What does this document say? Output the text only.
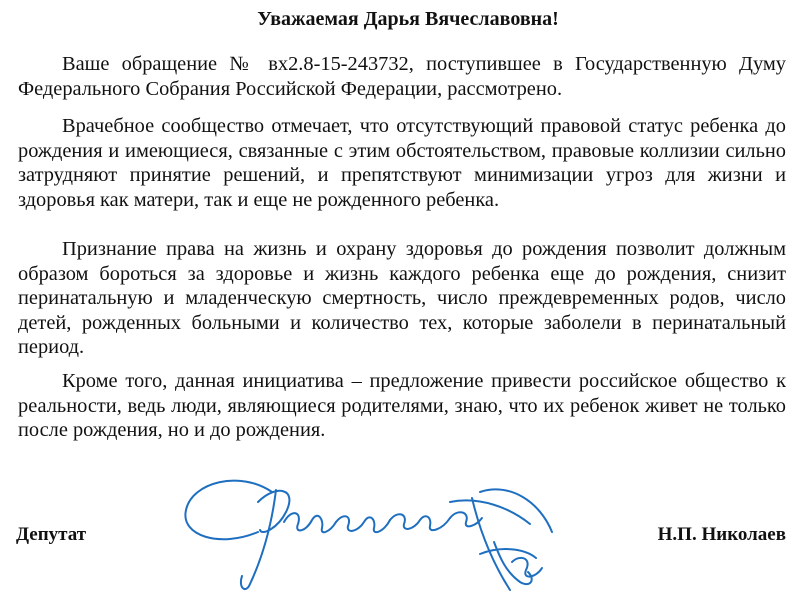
Уважаемая Дарья Вячеславовна!
Ваше обращение № вх2.8-15-243732, поступившее в Государственную Думу Федерального Собрания Российской Федерации, рассмотрено.
Врачебное сообщество отмечает, что отсутствующий правовой статус ребенка до рождения и имеющиеся, связанные с этим обстоятельством, правовые коллизии сильно затрудняют принятие решений, и препятствуют минимизации угроз для жизни и здоровья как матери, так и еще не рожденного ребенка.
Признание права на жизнь и охрану здоровья до рождения позволит должным образом бороться за здоровье и жизнь каждого ребенка еще до рождения, снизит перинатальную и младенческую смертность, число преждевременных родов, число детей, рожденных больными и количество тех, которые заболели в перинатальный период.
Кроме того, данная инициатива – предложение привести российское общество к реальности, ведь люди, являющиеся родителями, знаю, что их ребенок живет не только после рождения, но и до рождения.
Депутат	Н.П. Николаев
